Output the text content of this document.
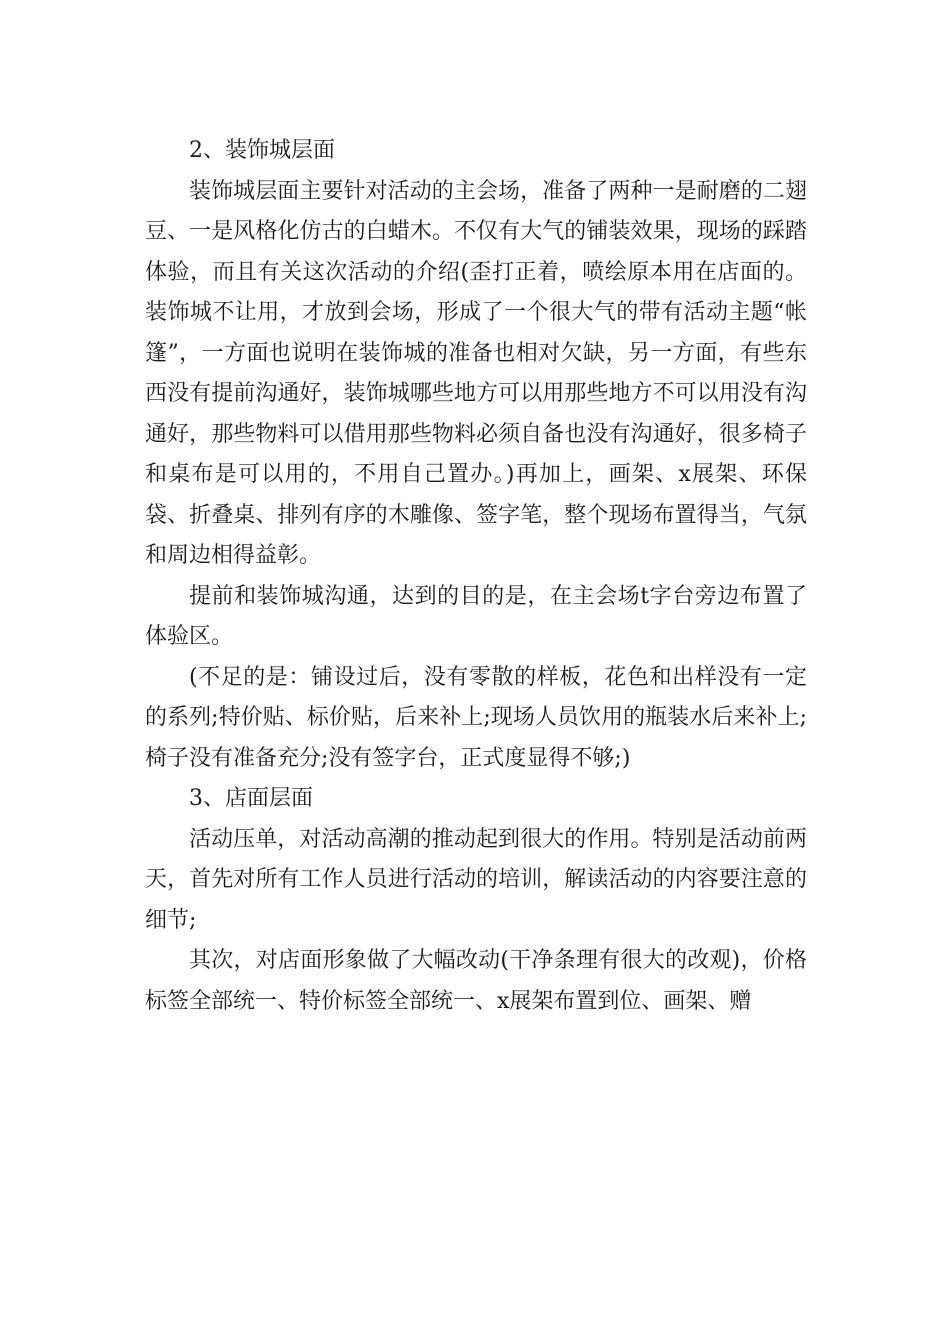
2、装饰城层面

装饰城层面主要针对活动的主会场，准备了两种一是耐磨的二翅豆、一是风格化仿古的白蜡木。不仅有大气的铺装效果，现场的踩踏体验，而且有关这次活动的介绍(歪打正着，喷绘原本用在店面的。装饰城不让用，才放到会场，形成了一个很大气的带有活动主题“帐篷”，一方面也说明在装饰城的准备也相对欠缺，另一方面，有些东西没有提前沟通好，装饰城哪些地方可以用那些地方不可以用没有沟通好，那些物料可以借用那些物料必须自备也没有沟通好，很多椅子和桌布是可以用的，不用自己置办。)再加上，画架、x展架、环保袋、折叠桌、排列有序的木雕像、签字笔，整个现场布置得当，气氛和周边相得益彰。

提前和装饰城沟通，达到的目的是，在主会场t字台旁边布置了体验区。

(不足的是：铺设过后，没有零散的样板，花色和出样没有一定的系列;特价贴、标价贴，后来补上;现场人员饮用的瓶装水后来补上;椅子没有准备充分;没有签字台，正式度显得不够;)

3、店面层面

活动压单，对活动高潮的推动起到很大的作用。特别是活动前两天，首先对所有工作人员进行活动的培训，解读活动的内容要注意的细节;

其次，对店面形象做了大幅改动(干净条理有很大的改观)，价格标签全部统一、特价标签全部统一、x展架布置到位、画架、赠
